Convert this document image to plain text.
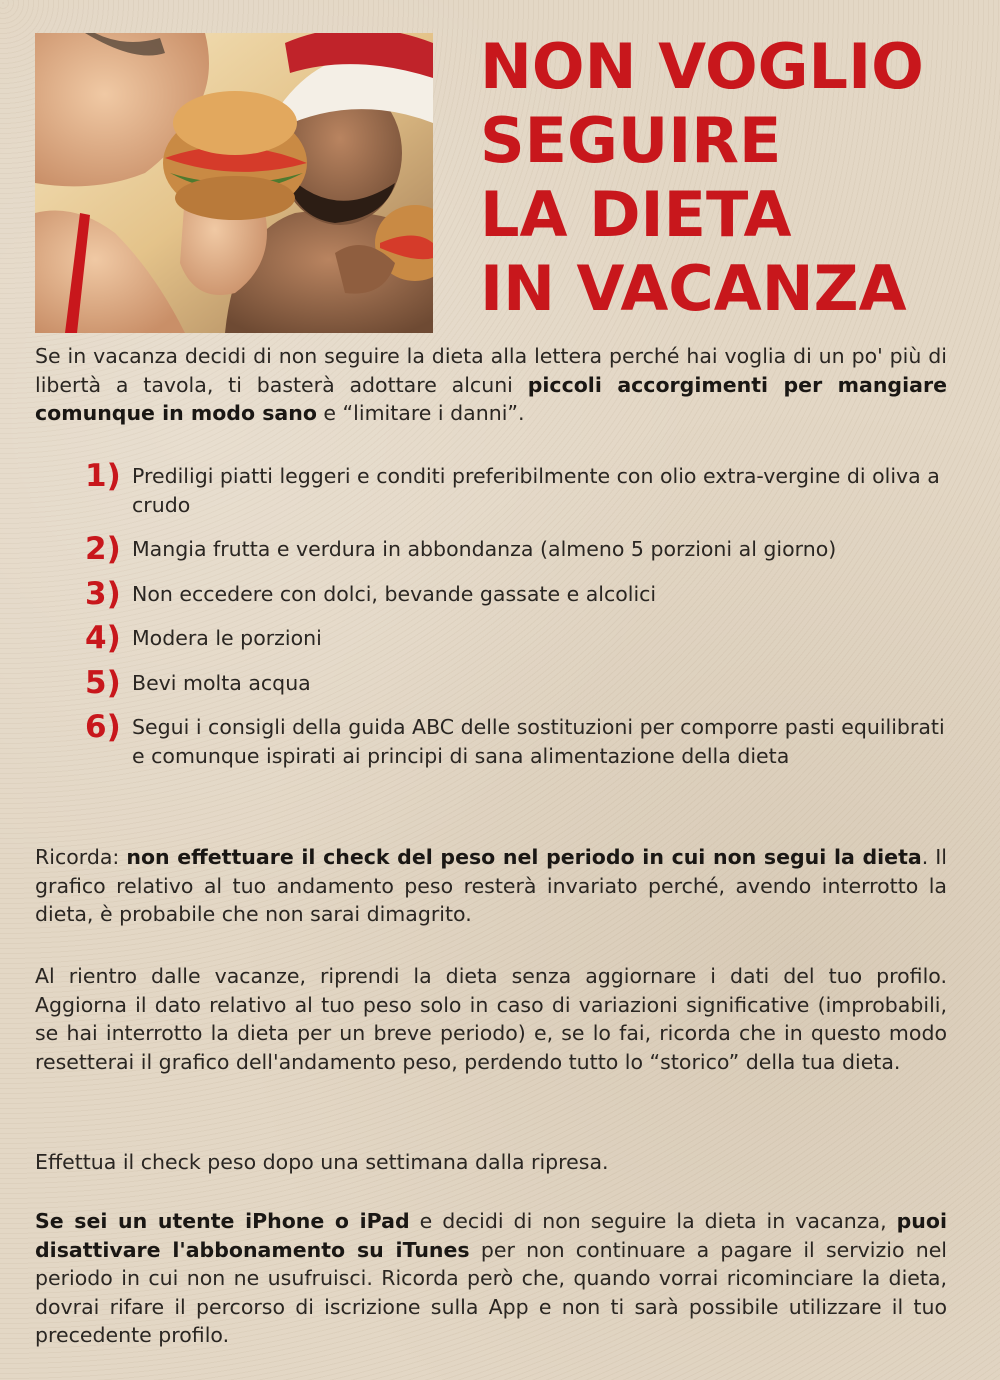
NON VOGLIO
SEGUIRE
LA DIETA
IN VACANZA

Se in vacanza decidi di non seguire la dieta alla lettera perché hai voglia di un po' più di libertà a tavola, ti basterà adottare alcuni piccoli accorgimenti per mangiare comunque in modo sano e “limitare i danni”.

1) Prediligi piatti leggeri e conditi preferibilmente con olio extra-vergine di oliva a crudo
2) Mangia frutta e verdura in abbondanza (almeno 5 porzioni al giorno)
3) Non eccedere con dolci, bevande gassate e alcolici
4) Modera le porzioni
5) Bevi molta acqua
6) Segui i consigli della guida ABC delle sostituzioni per comporre pasti equilibrati e comunque ispirati ai principi di sana alimentazione della dieta

Ricorda: non effettuare il check del peso nel periodo in cui non segui la dieta. Il grafico relativo al tuo andamento peso resterà invariato perché, avendo interrotto la dieta, è probabile che non sarai dimagrito.

Al rientro dalle vacanze, riprendi la dieta senza aggiornare i dati del tuo profilo. Aggiorna il dato relativo al tuo peso solo in caso di variazioni significative (improbabili, se hai interrotto la dieta per un breve periodo) e, se lo fai, ricorda che in questo modo resetterai il grafico dell'andamento peso, perdendo tutto lo “storico” della tua dieta.

Effettua il check peso dopo una settimana dalla ripresa.

Se sei un utente iPhone o iPad e decidi di non seguire la dieta in vacanza, puoi disattivare l'abbonamento su iTunes per non continuare a pagare il servizio nel periodo in cui non ne usufruisci. Ricorda però che, quando vorrai ricominciare la dieta, dovrai rifare il percorso di iscrizione sulla App e non ti sarà possibile utilizzare il tuo precedente profilo.
